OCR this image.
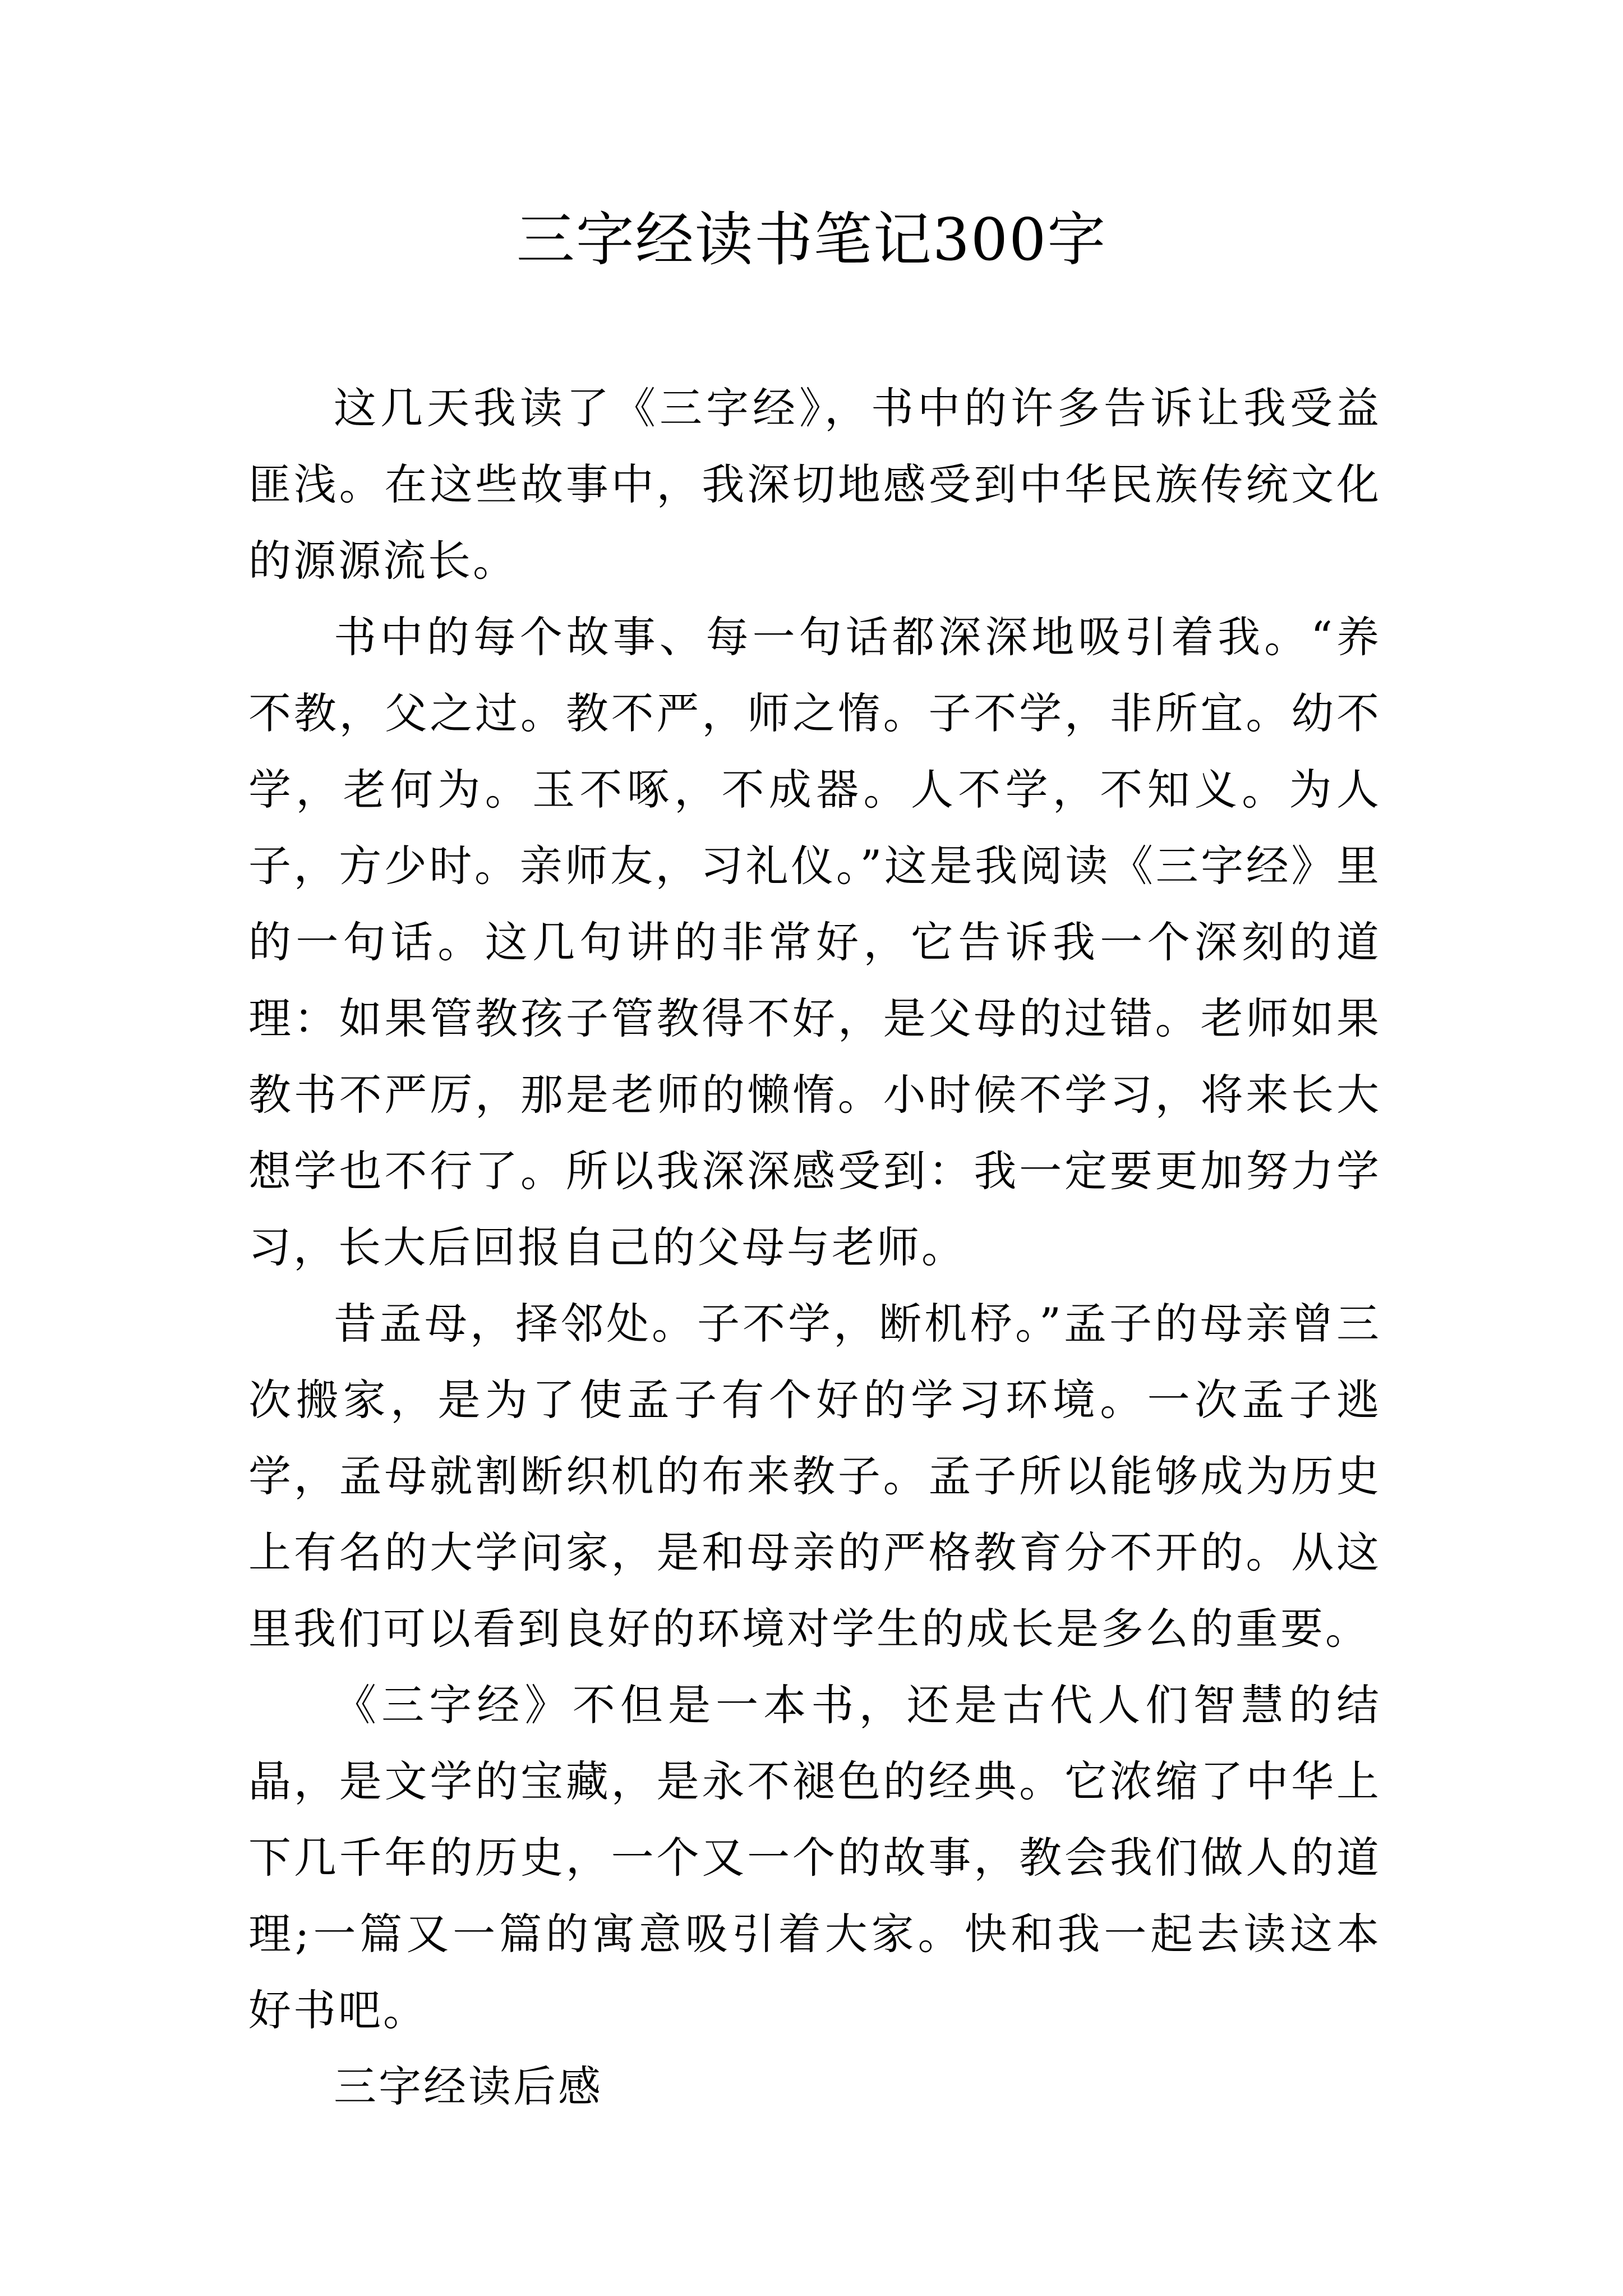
三字经读书笔记300字

这几天我读了《三字经》，书中的许多告诉让我受益匪浅。在这些故事中，我深切地感受到中华民族传统文化的源源流长。

书中的每个故事、每一句话都深深地吸引着我。“养不教，父之过。教不严，师之惰。子不学，非所宜。幼不学，老何为。玉不啄，不成器。人不学，不知义。为人子，方少时。亲师友，习礼仪。”这是我阅读《三字经》里的一句话。这几句讲的非常好，它告诉我一个深刻的道理：如果管教孩子管教得不好，是父母的过错。老师如果教书不严厉，那是老师的懒惰。小时候不学习，将来长大想学也不行了。所以我深深感受到：我一定要更加努力学习，长大后回报自己的父母与老师。

昔孟母，择邻处。子不学，断机杼。”孟子的母亲曾三次搬家，是为了使孟子有个好的学习环境。一次孟子逃学，孟母就割断织机的布来教子。孟子所以能够成为历史上有名的大学问家，是和母亲的严格教育分不开的。从这里我们可以看到良好的环境对学生的成长是多么的重要。

《三字经》不但是一本书，还是古代人们智慧的结晶，是文学的宝藏，是永不褪色的经典。它浓缩了中华上下几千年的历史，一个又一个的故事，教会我们做人的道理;一篇又一篇的寓意吸引着大家。快和我一起去读这本好书吧。

三字经读后感
